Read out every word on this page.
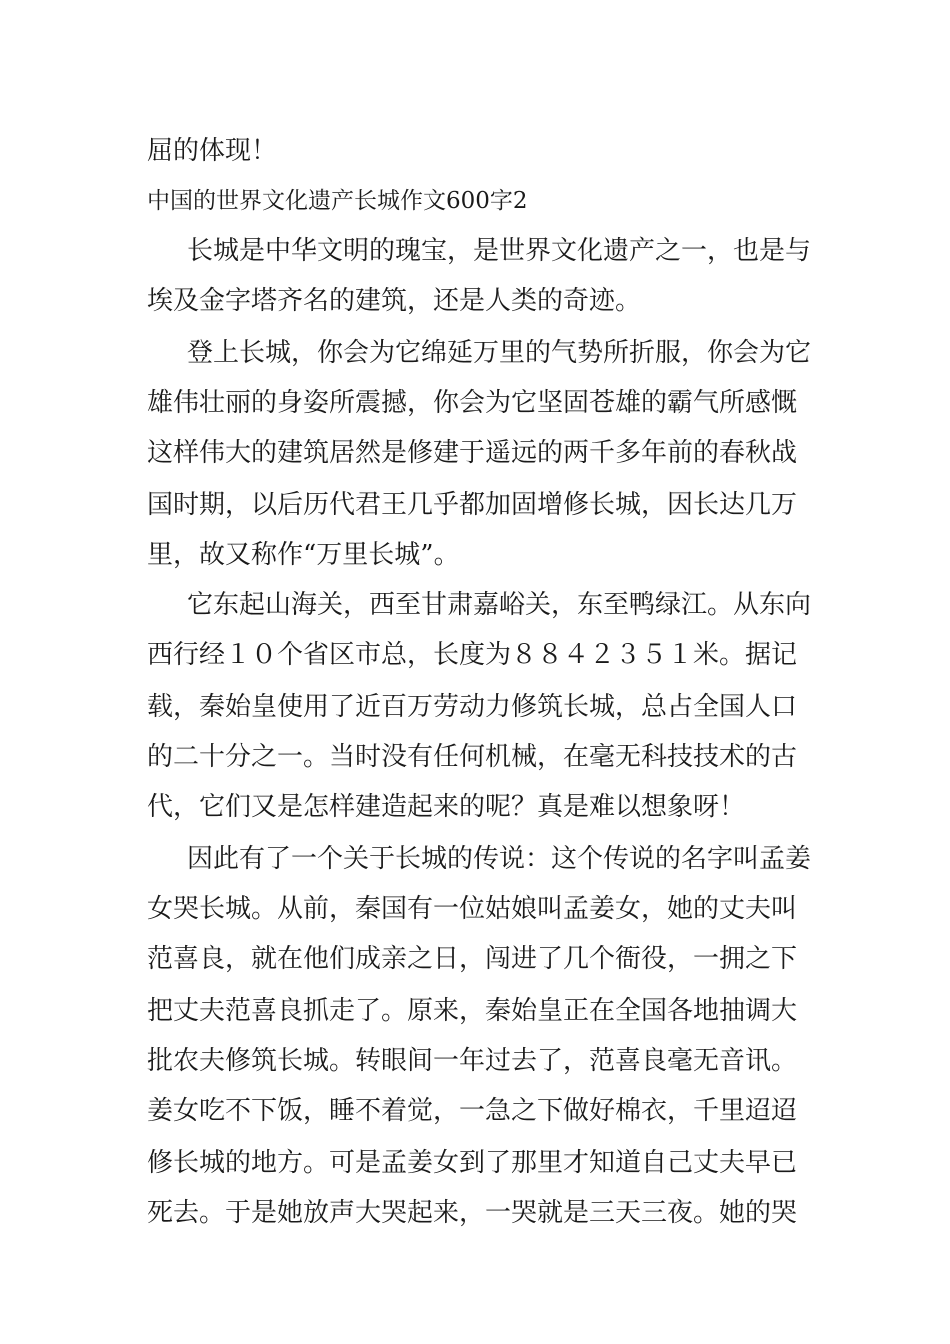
屈的体现！
中国的世界文化遗产长城作文600字2
长城是中华文明的瑰宝，是世界文化遗产之一，也是与
埃及金字塔齐名的建筑，还是人类的奇迹。
登上长城，你会为它绵延万里的气势所折服，你会为它
雄伟壮丽的身姿所震撼，你会为它坚固苍雄的霸气所感慨
这样伟大的建筑居然是修建于遥远的两千多年前的春秋战
国时期，以后历代君王几乎都加固增修长城，因长达几万
里，故又称作“万里长城”。
它东起山海关，西至甘肃嘉峪关，东至鸭绿江。从东向
西行经１０个省区市总，长度为８８４２３５１米。据记
载，秦始皇使用了近百万劳动力修筑长城，总占全国人口
的二十分之一。当时没有任何机械，在毫无科技技术的古
代，它们又是怎样建造起来的呢？真是难以想象呀！
因此有了一个关于长城的传说：这个传说的名字叫孟姜
女哭长城。从前，秦国有一位姑娘叫孟姜女，她的丈夫叫
范喜良，就在他们成亲之日，闯进了几个衙役，一拥之下
把丈夫范喜良抓走了。原来，秦始皇正在全国各地抽调大
批农夫修筑长城。转眼间一年过去了，范喜良毫无音讯。
姜女吃不下饭，睡不着觉，一急之下做好棉衣，千里迢迢
修长城的地方。可是孟姜女到了那里才知道自己丈夫早已
死去。于是她放声大哭起来，一哭就是三天三夜。她的哭
